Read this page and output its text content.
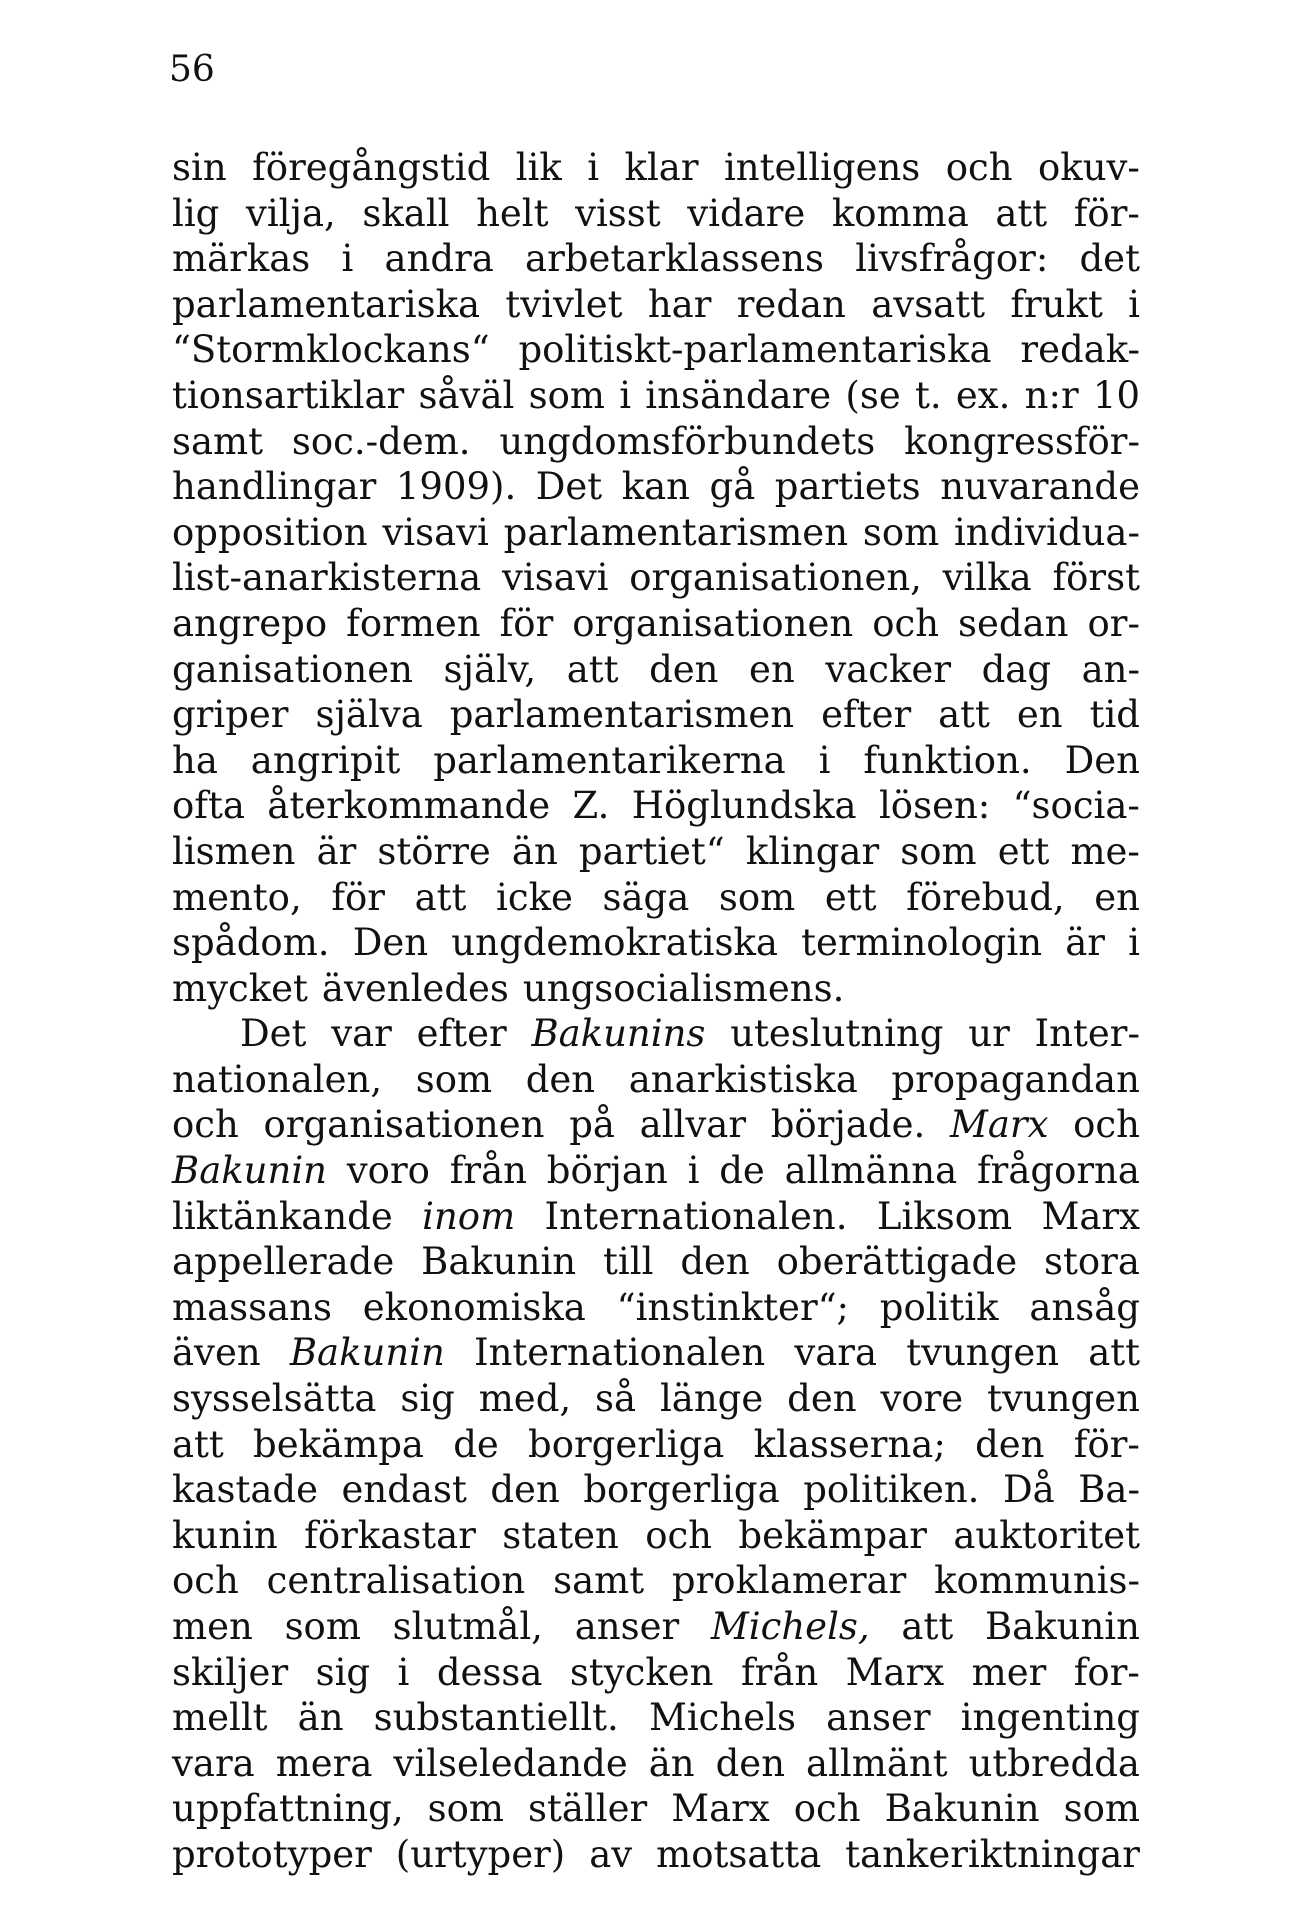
56
sin föregångstid lik i klar intelligens och okuv-
lig vilja, skall helt visst vidare komma att för-
märkas i andra arbetarklassens livsfrågor: det
parlamentariska tvivlet har redan avsatt frukt i
“Stormklockans“ politiskt-parlamentariska redak-
tionsartiklar såväl som i insändare (se t. ex. n:r 10
samt soc.-dem. ungdomsförbundets kongressför-
handlingar 1909). Det kan gå partiets nuvarande
opposition visavi parlamentarismen som individua-
list-anarkisterna visavi organisationen, vilka först
angrepo formen för organisationen och sedan or-
ganisationen själv, att den en vacker dag an-
griper själva parlamentarismen efter att en tid
ha angripit parlamentarikerna i funktion. Den
ofta återkommande Z. Höglundska lösen: “socia-
lismen är större än partiet“ klingar som ett me-
mento, för att icke säga som ett förebud, en
spådom. Den ungdemokratiska terminologin är i
mycket ävenledes ungsocialismens.
Det var efter Bakunins uteslutning ur Inter-
nationalen, som den anarkistiska propagandan
och organisationen på allvar började. Marx och
Bakunin voro från början i de allmänna frågorna
liktänkande inom Internationalen. Liksom Marx
appellerade Bakunin till den oberättigade stora
massans ekonomiska “instinkter“; politik ansåg
även Bakunin Internationalen vara tvungen att
sysselsätta sig med, så länge den vore tvungen
att bekämpa de borgerliga klasserna; den för-
kastade endast den borgerliga politiken. Då Ba-
kunin förkastar staten och bekämpar auktoritet
och centralisation samt proklamerar kommunis-
men som slutmål, anser Michels, att Bakunin
skiljer sig i dessa stycken från Marx mer for-
mellt än substantiellt. Michels anser ingenting
vara mera vilseledande än den allmänt utbredda
uppfattning, som ställer Marx och Bakunin som
prototyper (urtyper) av motsatta tankeriktningar
